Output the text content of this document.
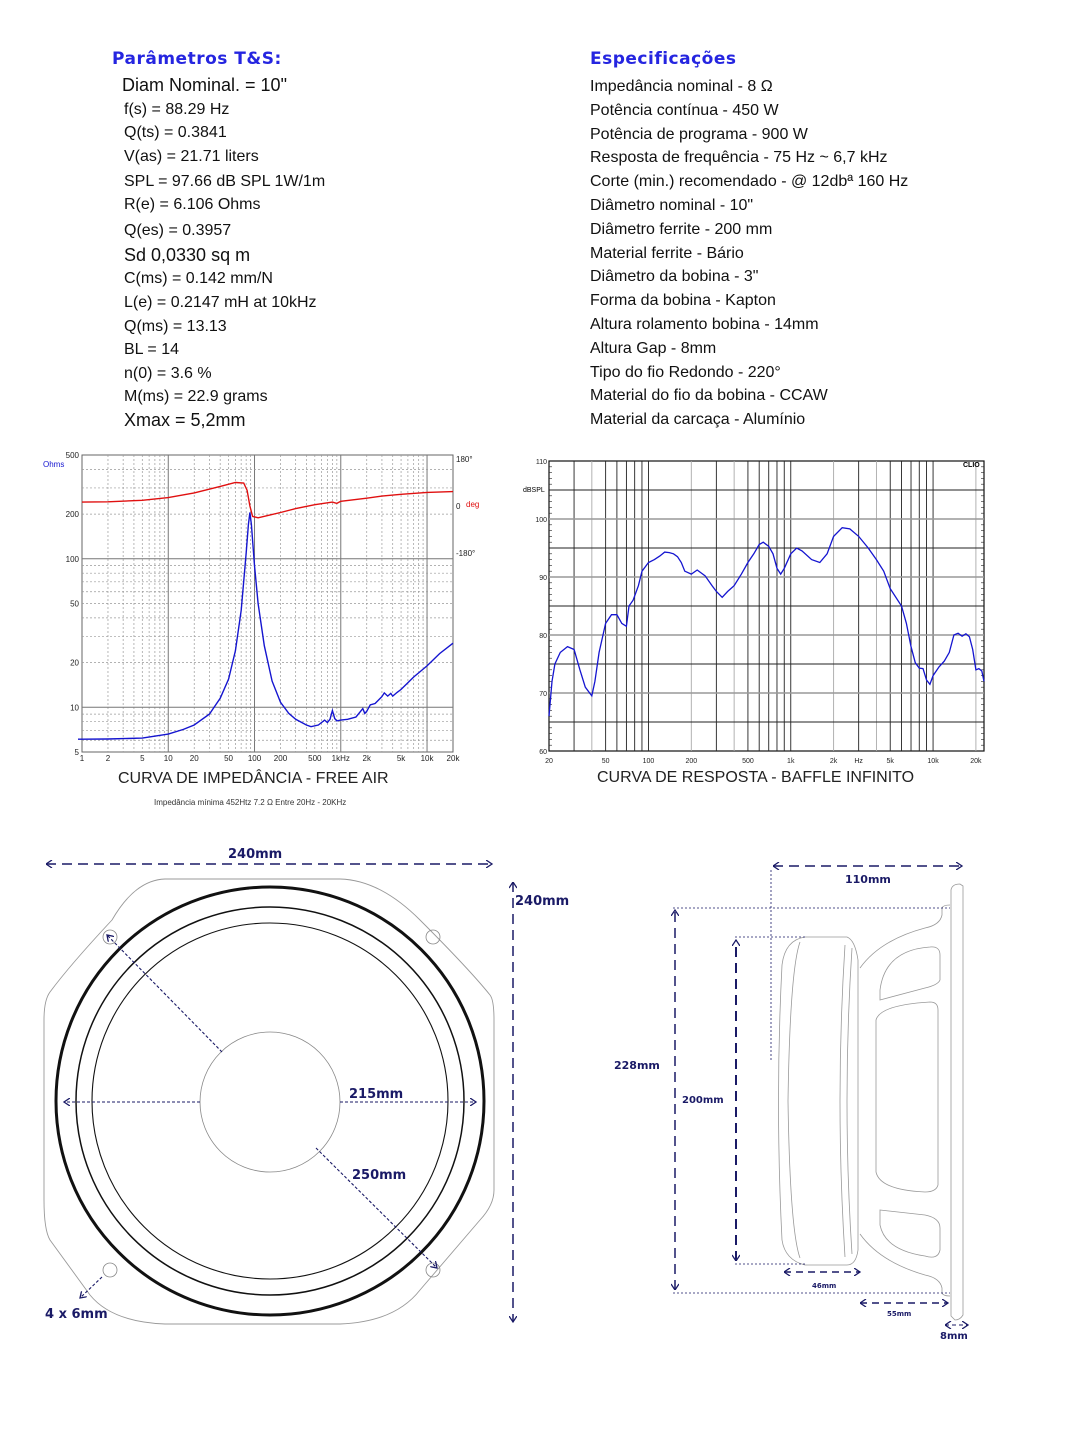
Parâmetros T&S:
Diam Nominal. = 10"
f(s) = 88.29 Hz
Q(ts) = 0.3841
V(as) = 21.71 liters
SPL = 97.66 dB SPL 1W/1m
R(e) = 6.106 Ohms
Q(es) = 0.3957
Sd 0,0330 sq m
C(ms) = 0.142 mm/N
L(e) = 0.2147 mH at 10kHz
Q(ms) = 13.13
BL = 14
n(0) = 3.6 %
M(ms) = 22.9 grams
Xmax = 5,2mm
Especificações
Impedância nominal - 8 Ω
Potência contínua - 450 W
Potência de programa - 900 W
Resposta de frequência - 75 Hz ~ 6,7 kHz
Corte (min.) recomendado - @ 12dbª 160 Hz
Diâmetro nominal - 10"
Diâmetro ferrite - 200 mm
Material ferrite - Bário
Diâmetro da bobina - 3"
Forma da bobina - Kapton
Altura rolamento bobina - 14mm
Altura Gap - 8mm
Tipo do fio Redondo - 220°
Material do fio da bobina - CCAW
Material da carcaça - Alumínio
1	2	5 10 20	50 100 200	500 1kHz 2k	5k 10k 20k
5
10
20
50
100
200
500	180°
0
-180°
Ohms
deg
CURVA DE IMPEDÂNCIA - FREE AIR
Impedância mínima 452Htz 7.2 Ω Entre 20Hz - 20KHz
20	50	100	200	500	1k	2k Hz	5k	10k	20k
60
70
80
90
100
110
dBSPL
CLIO
CURVA DE RESPOSTA - BAFFLE INFINITO
240mm
240mm
215mm
250mm
4 x 6mm
110mm
228mm
200mm
46mm
55mm
8mm
